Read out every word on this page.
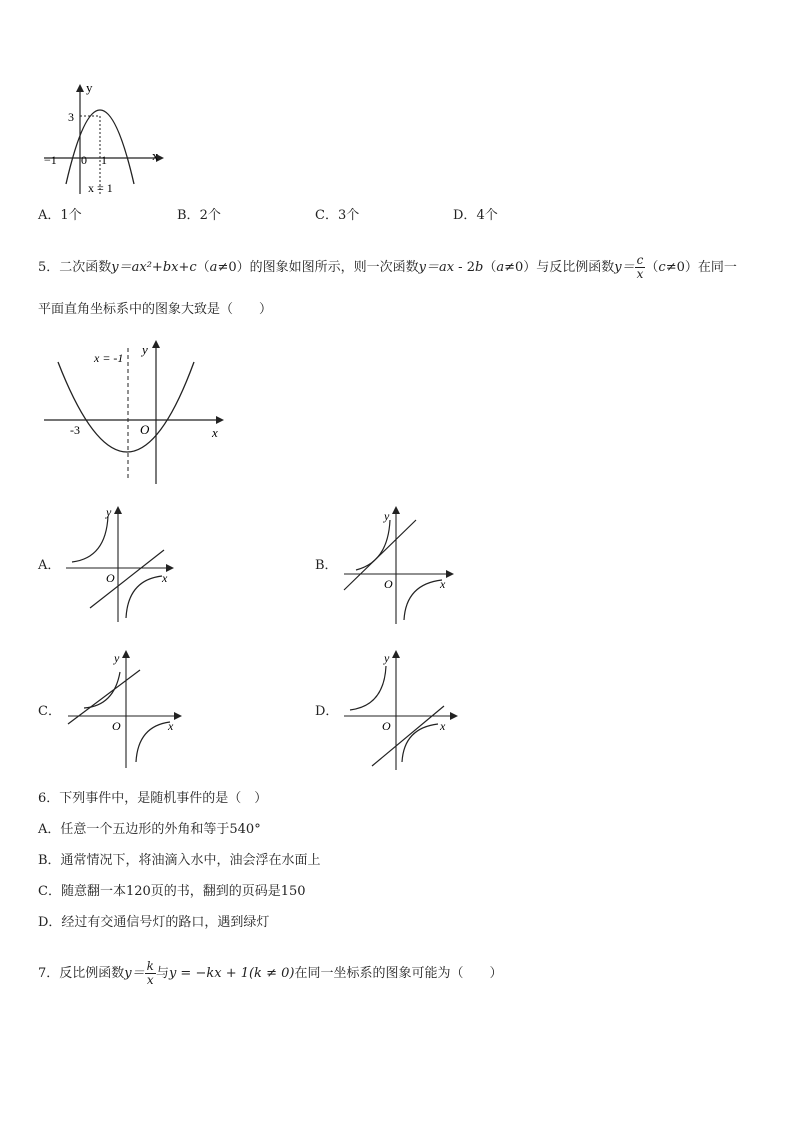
y
x
3
−1 0 1
x = 1
A．1个	B．2个	C．3个	D．4个
5．二次函数y＝ax²+bx+c（a≠0）的图象如图所示，则一次函数y＝ax - 2b（a≠0）与反比例函数$y= \frac{c}{x} (c\ne 0)$在同一
平面直角坐标系中的图象大致是（　　）
x = -1
y
x
O
-3
A．
y
x
O
B．
y
x
O
C．
y
x
O
D．
y
x
O
6．下列事件中，是随机事件的是（　）
A．任意一个五边形的外角和等于540°
B．通常情况下，将油滴入水中，油会浮在水面上
C．随意翻一本120页的书，翻到的页码是150
D．经过有交通信号灯的路口，遇到绿灯
7．反比例函数$y= \frac{k}{x}$ 与y = −kx + 1(k ≠ 0)在同一坐标系的图象可能为（　　）
